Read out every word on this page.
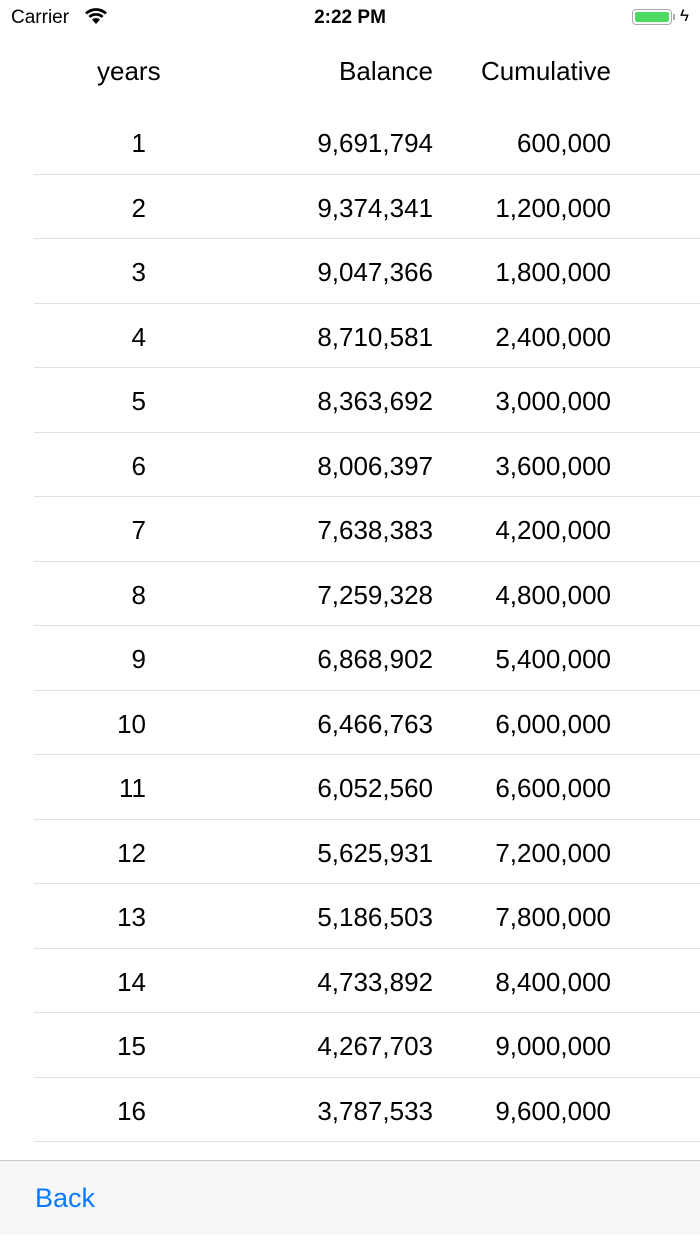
Carrier	2:22 PM	ϟ
years	Balance Cumulative
1	9,691,794	600,000
2	9,374,341 1,200,000
3	9,047,366 1,800,000
4	8,710,581 2,400,000
5	8,363,692 3,000,000
6	8,006,397 3,600,000
7	7,638,383 4,200,000
8	7,259,328 4,800,000
9	6,868,902 5,400,000
10	6,466,763 6,000,000
11	6,052,560 6,600,000
12	5,625,931 7,200,000
13	5,186,503 7,800,000
14	4,733,892 8,400,000
15	4,267,703 9,000,000
16	3,787,533 9,600,000
Back
